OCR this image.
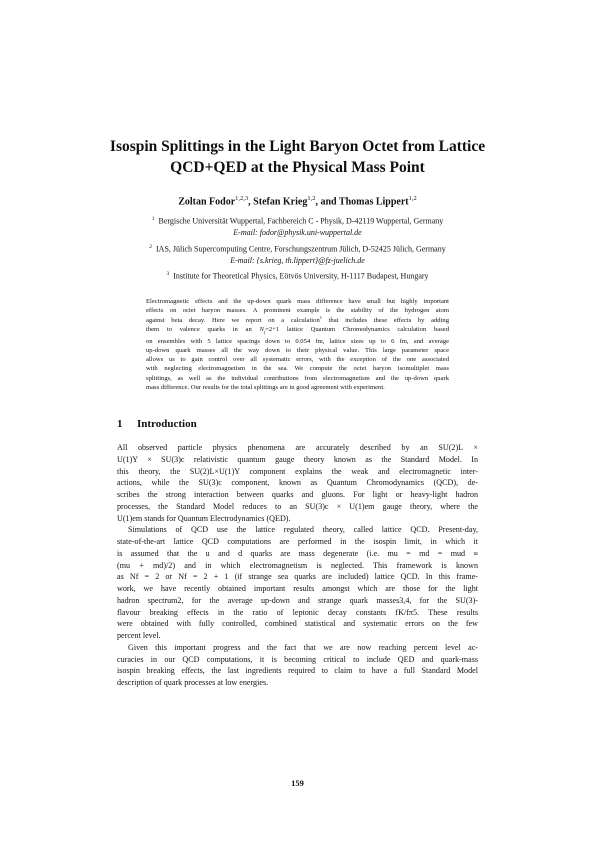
Isospin Splittings in the Light Baryon Octet from Lattice
QCD+QED at the Physical Mass Point
Zoltan Fodor$^{1,2,3}$, Stefan Krieg$^{1,2}$, and Thomas Lippert$^{1,2}$
$^1$ Bergische Universität Wuppertal, Fachbereich C - Physik, D-42119 Wuppertal, Germany
E-mail: fodor@physik.uni-wuppertal.de
$^2$ IAS, Jülich Supercomputing Centre, Forschungszentrum Jülich, D-52425 Jülich, Germany
E-mail: {s.krieg, th.lippert}@fz-juelich.de
$^3$ Institute for Theoretical Physics, Eötvös University, H-1117 Budapest, Hungary
Electromagnetic effects and the up-down quark mass difference have small but highly important
effects on octet baryon masses. A prominent example is the stability of the hydrogen atom
against beta decay. Here we report on a calculation$^1$ that includes these effects by adding
them to valence quarks in an $N_f=2+1$ lattice Quantum Chromodynamics calculation based
on ensembles with 5 lattice spacings down to 0.054 fm, lattice sizes up to 6 fm, and average
up-down quark masses all the way down to their physical value. This large parameter space
allows us to gain control over all systematic errors, with the exception of the one associated
with neglecting electromagnetism in the sea. We compute the octet baryon isomultiplet mass
splittings, as well as the individual contributions from electromagnetism and the up-down quark
mass difference. Our results for the total splittings are in good agreement with experiment.
1 Introduction
All observed particle physics phenomena are accurately described by an SU(2)L ×
U(1)Y × SU(3)c relativistic quantum gauge theory known as the Standard Model. In
this theory, the SU(2)L×U(1)Y component explains the weak and electromagnetic inter-
actions, while the SU(3)c component, known as Quantum Chromodynamics (QCD), de-
scribes the strong interaction between quarks and gluons. For light or heavy-light hadron
processes, the Standard Model reduces to an SU(3)c × U(1)em gauge theory, where the
U(1)em stands for Quantum Electrodynamics (QED).
Simulations of QCD use the lattice regulated theory, called lattice QCD. Present-day,
state-of-the-art lattice QCD computations are performed in the isospin limit, in which it
is assumed that the u and d quarks are mass degenerate (i.e. mu = md = mud ≡
(mu + md)/2) and in which electromagnetism is neglected. This framework is known
as Nf = 2 or Nf = 2 + 1 (if strange sea quarks are included) lattice QCD. In this frame-
work, we have recently obtained important results amongst which are those for the light
hadron spectrum2, for the average up-down and strange quark masses3,4, for the SU(3)-
flavour breaking effects in the ratio of leptonic decay constants fK/fπ5. These results
were obtained with fully controlled, combined statistical and systematic errors on the few
percent level.
Given this important progress and the fact that we are now reaching percent level ac-
curacies in our QCD computations, it is becoming critical to include QED and quark-mass
isospin breaking effects, the last ingredients required to claim to have a full Standard Model
description of quark processes at low energies.
159
